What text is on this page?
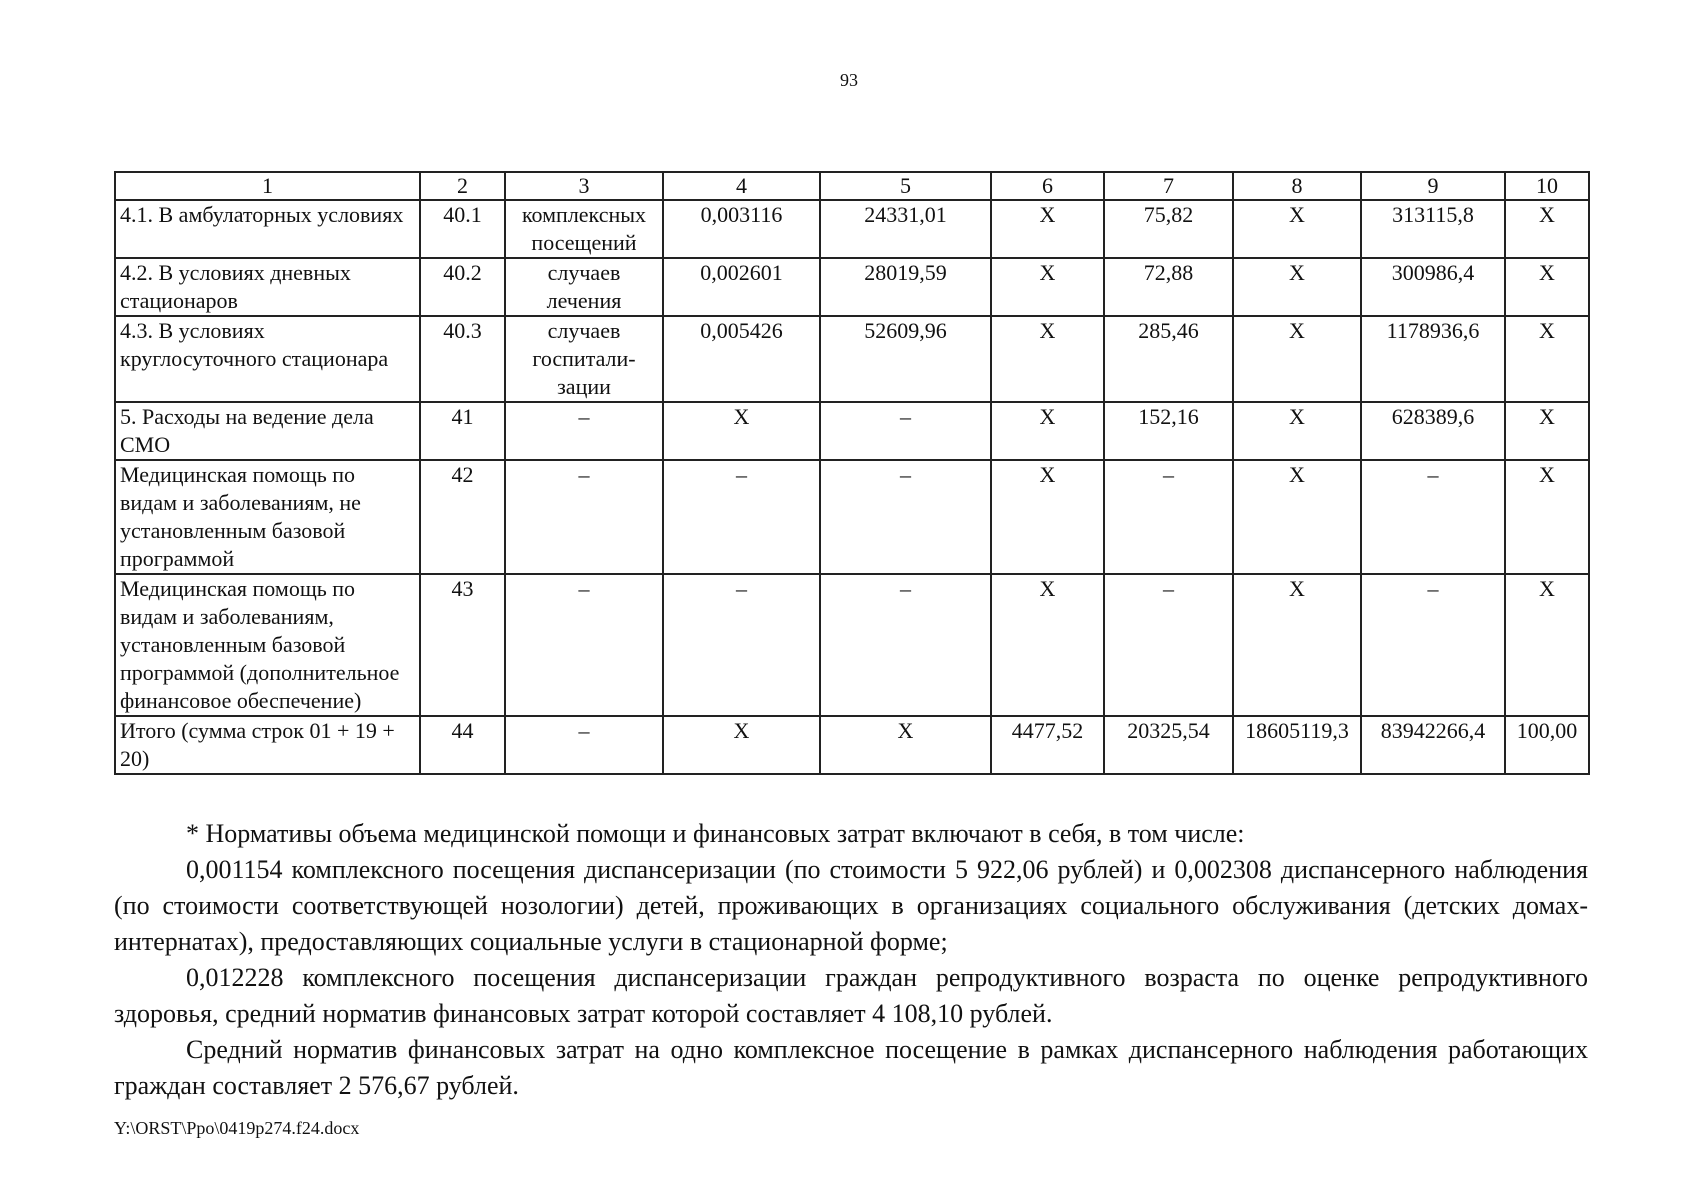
93
1	2	3	4	5	6	7	8	9	10
4.1. В амбулаторных условиях	40.1	комплексных посещений	0,003116	24331,01	X	75,82	X	313115,8	X
4.2. В условиях дневных стационаров	40.2	случаев лечения	0,002601	28019,59	X	72,88	X	300986,4	X
4.3. В условиях круглосуточного стационара	40.3	случаев госпитали-зации	0,005426	52609,96	X	285,46	X	1178936,6	X
5. Расходы на ведение дела СМО	41	–	X	–	X	152,16	X	628389,6	X
Медицинская помощь по видам и заболеваниям, не установленным базовой программой	42	–	–	–	X	–	X	–	X
Медицинская помощь по видам и заболеваниям, установленным базовой программой (дополнительное финансовое обеспечение)	43	–	–	–	X	–	X	–	X
Итого (сумма строк 01 + 19 + 20)	44	–	X	X	4477,52	20325,54	18605119,3	83942266,4	100,00

* Нормативы объема медицинской помощи и финансовых затрат включают в себя, в том числе:

0,001154 комплексного посещения диспансеризации (по стоимости 5 922,06 рублей) и 0,002308 диспансерного наблюдения (по стоимости соответствующей нозологии) детей, проживающих в организациях социального обслуживания (детских домах-интернатах), предоставляющих социальные услуги в стационарной форме;

0,012228 комплексного посещения диспансеризации граждан репродуктивного возраста по оценке репродуктивного здоровья, средний норматив финансовых затрат которой составляет 4 108,10 рублей.

Средний норматив финансовых затрат на одно комплексное посещение в рамках диспансерного наблюдения работающих граждан составляет 2 576,67 рублей.

Y:\ORST\Ppo\0419p274.f24.docx
